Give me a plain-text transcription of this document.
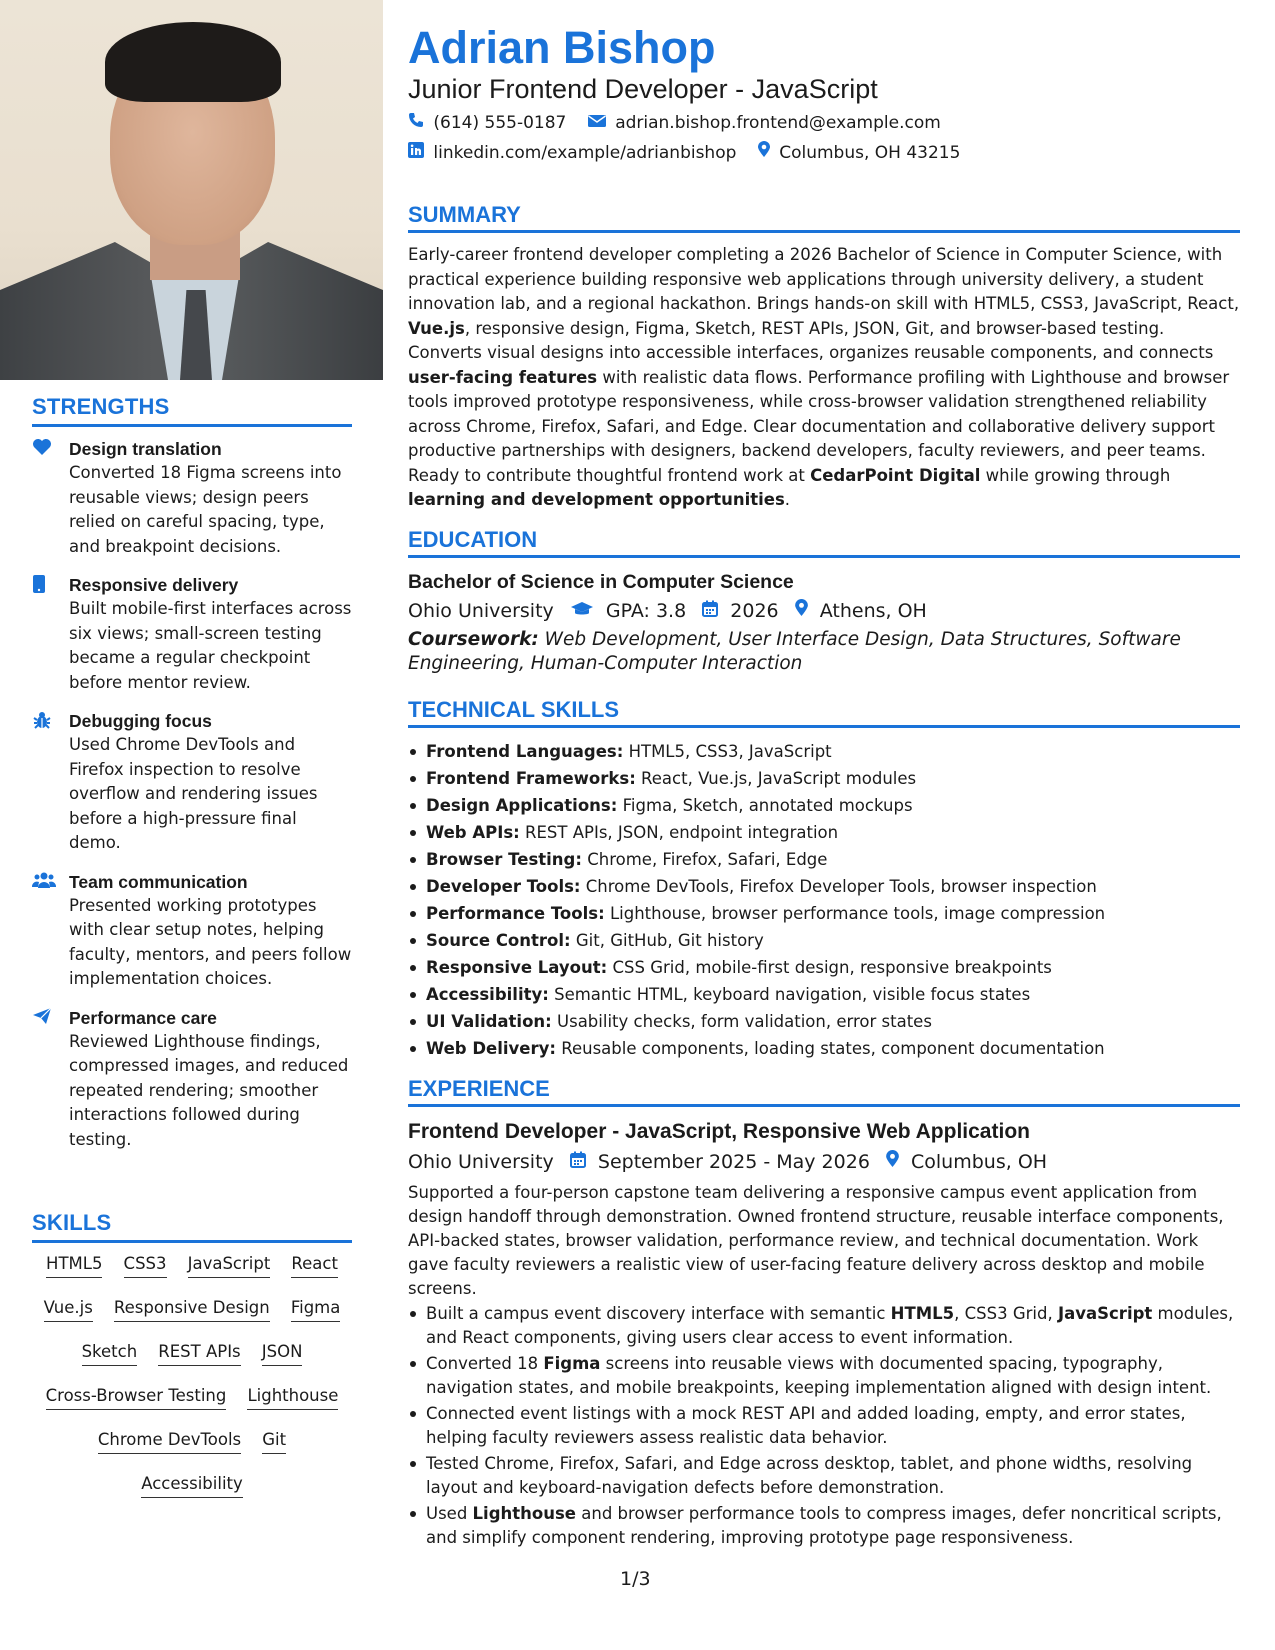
STRENGTHS
Design translation
Converted 18 Figma screens into reusable views; design peers relied on careful spacing, type, and breakpoint decisions.
Responsive delivery
Built mobile-first interfaces across six views; small-screen testing became a regular checkpoint before mentor review.
Debugging focus
Used Chrome DevTools and Firefox inspection to resolve overflow and rendering issues before a high-pressure final demo.
Team communication
Presented working prototypes with clear setup notes, helping faculty, mentors, and peers follow implementation choices.
Performance care
Reviewed Lighthouse findings, compressed images, and reduced repeated rendering; smoother interactions followed during testing.
SKILLS
HTML5 CSS3 JavaScript React Vue.js Responsive Design Figma Sketch REST APIs JSON Cross-Browser Testing Lighthouse Chrome DevTools Git Accessibility
Adrian Bishop
Junior Frontend Developer - JavaScript
(614) 555-0187	adrian.bishop.frontend@example.com
linkedin.com/example/adrianbishop	Columbus, OH 43215
SUMMARY
Early-career frontend developer completing a 2026 Bachelor of Science in Computer Science, with practical experience building responsive web applications through university delivery, a student innovation lab, and a regional hackathon. Brings hands-on skill with HTML5, CSS3, JavaScript, React, Vue.js, responsive design, Figma, Sketch, REST APIs, JSON, Git, and browser-based testing. Converts visual designs into accessible interfaces, organizes reusable components, and connects user-facing features with realistic data flows. Performance profiling with Lighthouse and browser tools improved prototype responsiveness, while cross-browser validation strengthened reliability across Chrome, Firefox, Safari, and Edge. Clear documentation and collaborative delivery support productive partnerships with designers, backend developers, faculty reviewers, and peer teams. Ready to contribute thoughtful frontend work at CedarPoint Digital while growing through learning and development opportunities.
EDUCATION
Bachelor of Science in Computer Science
Ohio University	GPA: 3.8 2026 Athens, OH
Coursework: Web Development, User Interface Design, Data Structures, Software Engineering, Human-Computer Interaction
TECHNICAL SKILLS
Frontend Languages: HTML5, CSS3, JavaScript
Frontend Frameworks: React, Vue.js, JavaScript modules
Design Applications: Figma, Sketch, annotated mockups
Web APIs: REST APIs, JSON, endpoint integration
Browser Testing: Chrome, Firefox, Safari, Edge
Developer Tools: Chrome DevTools, Firefox Developer Tools, browser inspection
Performance Tools: Lighthouse, browser performance tools, image compression
Source Control: Git, GitHub, Git history
Responsive Layout: CSS Grid, mobile-first design, responsive breakpoints
Accessibility: Semantic HTML, keyboard navigation, visible focus states
UI Validation: Usability checks, form validation, error states
Web Delivery: Reusable components, loading states, component documentation
EXPERIENCE
Frontend Developer - JavaScript, Responsive Web Application
Ohio University September 2025 - May 2026 Columbus, OH
Supported a four-person capstone team delivering a responsive campus event application from design handoff through demonstration. Owned frontend structure, reusable interface components, API-backed states, browser validation, performance review, and technical documentation. Work gave faculty reviewers a realistic view of user-facing feature delivery across desktop and mobile screens.
Built a campus event discovery interface with semantic HTML5, CSS3 Grid, JavaScript modules, and React components, giving users clear access to event information.
Converted 18 Figma screens into reusable views with documented spacing, typography, navigation states, and mobile breakpoints, keeping implementation aligned with design intent.
Connected event listings with a mock REST API and added loading, empty, and error states, helping faculty reviewers assess realistic data behavior.
Tested Chrome, Firefox, Safari, and Edge across desktop, tablet, and phone widths, resolving layout and keyboard-navigation defects before demonstration.
Used Lighthouse and browser performance tools to compress images, defer noncritical scripts, and simplify component rendering, improving prototype page responsiveness.
1/3
